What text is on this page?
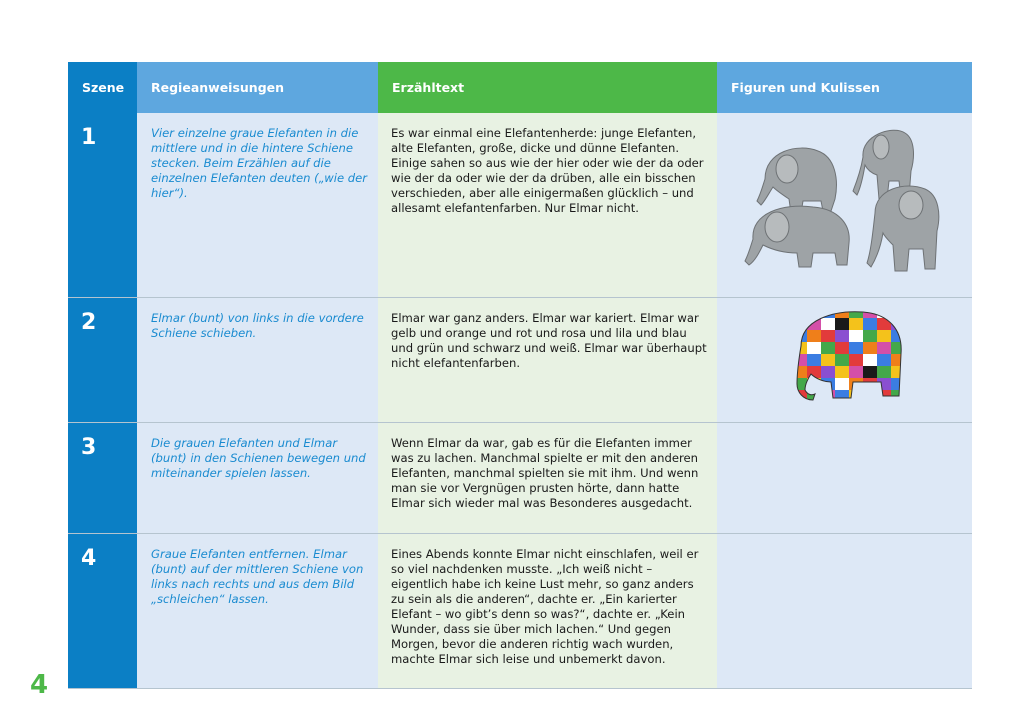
Szene	Regieanweisungen	Erzähltext	Figuren und Kulissen
1	Vier einzelne graue Elefanten in die mittlere und in die hintere Schiene stecken. Beim Erzählen auf die einzelnen Elefanten deuten („wie der hier“).	Es war einmal eine Elefantenherde: junge Elefanten, alte Elefanten, große, dicke und dünne Elefanten. Einige sahen so aus wie der hier oder wie der da oder wie der da oder wie der da drüben, alle ein bisschen verschieden, aber alle einigermaßen glücklich – und allesamt elefantenfarben. Nur Elmar nicht.	

2	Elmar (bunt) von links in die vordere Schiene schieben.	Elmar war ganz anders. Elmar war kariert. Elmar war gelb und orange und rot und rosa und lila und blau und grün und schwarz und weiß. Elmar war überhaupt nicht elefantenfarben.	

3	Die grauen Elefanten und Elmar (bunt) in den Schienen bewegen und miteinander spielen lassen.	Wenn Elmar da war, gab es für die Elefanten immer was zu lachen. Manchmal spielte er mit den anderen Elefanten, manchmal spielten sie mit ihm. Und wenn man sie vor Vergnügen prusten hörte, dann hatte Elmar sich wieder mal was Besonderes ausgedacht.	
4	Graue Elefanten entfernen. Elmar (bunt) auf der mittleren Schiene von links nach rechts und aus dem Bild „schleichen“ lassen.	Eines Abends konnte Elmar nicht einschlafen, weil er so viel nachdenken musste. „Ich weiß nicht – eigentlich habe ich keine Lust mehr, so ganz anders zu sein als die anderen“, dachte er. „Ein karierter Elefant – wo gibt’s denn so was?“, dachte er. „Kein Wunder, dass sie über mich lachen.“ Und gegen Morgen, bevor die anderen richtig wach wurden, machte Elmar sich leise und unbemerkt davon.	
4
